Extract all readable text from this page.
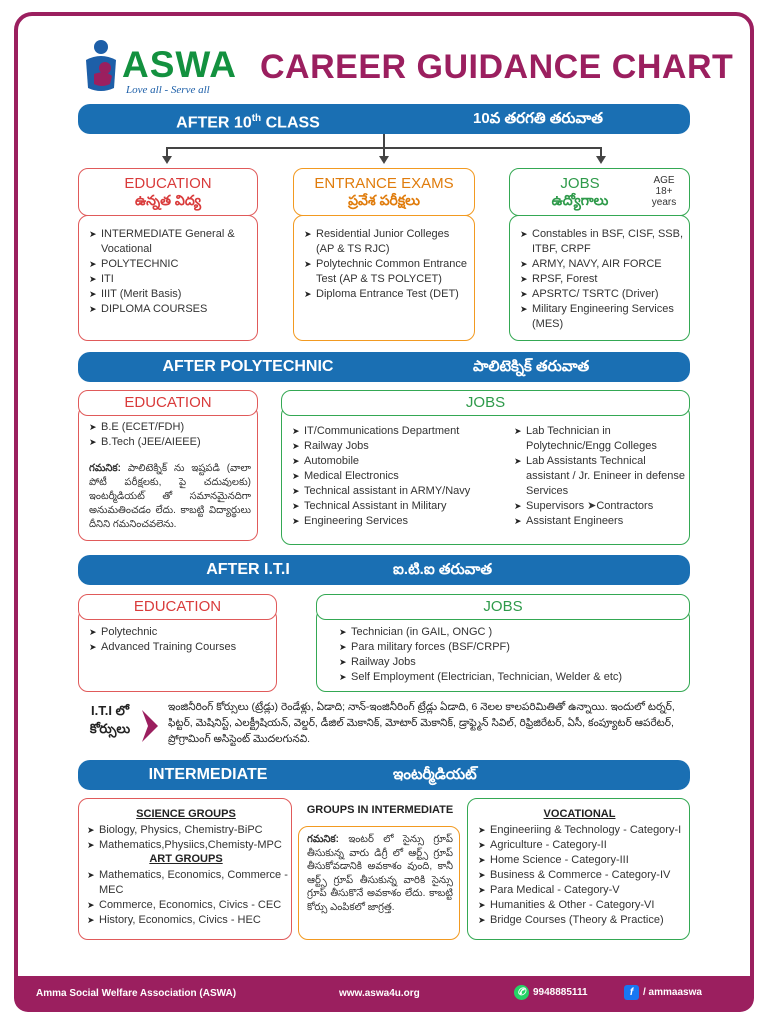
ASWA
Love all - Serve all
CAREER GUIDANCE CHART
AFTER 10th CLASS	10వ తరగతి తరువాత
➤ INTERMEDIATE General & Vocational
➤ POLYTECHNIC
➤ ITI
➤ IIIT (Merit Basis)
➤ DIPLOMA COURSES
EDUCATION
ఉన్నత విద్య
➤ Residential Junior Colleges (AP & TS RJC)
➤ Polytechnic Common Entrance Test (AP & TS POLYCET)
➤ Diploma Entrance Test (DET)
ENTRANCE EXAMS
ప్రవేశ పరీక్షలు
➤ Constables in BSF, CISF, SSB, ITBF, CRPF
➤ ARMY, NAVY, AIR FORCE
➤ RPSF, Forest
➤ APSRTC/ TSRTC (Driver)
➤ Military Engineering Services (MES)
JOBS
ఉద్యోగాలు
AGE 18+ years
AFTER POLYTECHNIC	పాలిటెక్నిక్ తరువాత
➤ B.E (ECET/FDH)
➤ B.Tech (JEE/AIEEE)
గమనిక: పాలిటెక్నిక్ ను ఇష్టపడి (వాలా పోటీ పరీక్షలకు, పై చదువులకు) ఇంటర్మీడియట్ తో సమానమైనదిగా అనుమతించడం లేదు. కాబట్టి విద్యార్థులు దీనిని గమనించవలెను.
EDUCATION
➤ IT/Communications Department
➤ Railway Jobs
➤ Automobile
➤ Medical Electronics
➤ Technical assistant in ARMY/Navy
➤ Technical Assistant in Military
➤ Engineering Services
➤ Lab Technician in Polytechnic/Engg Colleges
➤ Lab Assistants Technical assistant / Jr. Enineer in defense Services
➤ Supervisors ➤Contractors
➤ Assistant Engineers
JOBS
AFTER I.T.I	ఐ.టి.ఐ తరువాత
➤ Polytechnic
➤ Advanced Training Courses
EDUCATION
➤ Technician (in GAIL, ONGC )
➤ Para military forces (BSF/CRPF)
➤ Railway Jobs
➤ Self Employment (Electrician, Technician, Welder & etc)
JOBS
I.T.I లో
కోర్సులు
ఇంజినీరింగ్ కోర్సులు (ట్రేడ్లు) రెండేళ్లు, ఏడాది; నాన్-ఇంజినీరింగ్ ట్రేడ్లు ఏడాది, 6 నెలల కాలపరిమితితో ఉన్నాయి. ఇందులో టర్నర్, ఫిట్టర్, మెషినిస్ట్, ఎలక్ట్రీషియన్, వెల్డర్, డీజిల్ మెకానిక్, మోటార్ మెకానిక్, డ్రాఫ్ట్మెన్ సివిల్, రిఫ్రిజిరేటర్, ఏసీ, కంప్యూటర్ ఆపరేటర్, ప్రోగ్రామింగ్ అసిస్టెంట్ మొదలగునవి.
INTERMEDIATE	ఇంటర్మీడియట్
SCIENCE GROUPS
➤ Biology, Physics, Chemistry-BiPC
➤ Mathematics,Physiics,Chemisty-MPC
ART GROUPS
➤ Mathematics, Economics, Commerce - MEC
➤ Commerce, Economics, Civics - CEC
➤ History, Economics, Civics - HEC
GROUPS IN INTERMEDIATE
గమనిక: ఇంటర్ లో సైన్సు గ్రూప్ తీసుకున్న వారు డిగ్రీ లో ఆర్ట్స్ గ్రూప్ తీసుకోవడానికి అవకాశం వుంది, కానీ ఆర్ట్స్ గ్రూప్ తీసుకున్న వారికి సైన్సు గ్రూప్ తీసుకొనే అవకాశం లేదు. కాబట్టి కోర్సు ఎంపికలో జాగ్రత్త.
VOCATIONAL
➤ Engineeriing & Technology - Category-I
➤ Agriculture - Category-II
➤ Home Science - Category-III
➤ Business & Commerce - Category-IV
➤ Para Medical - Category-V
➤ Humanities & Other - Category-VI
➤ Bridge Courses (Theory & Practice)
Amma Social Welfare Association (ASWA)	www.aswa4u.org	✆ 9948885111	f / ammaaswa
